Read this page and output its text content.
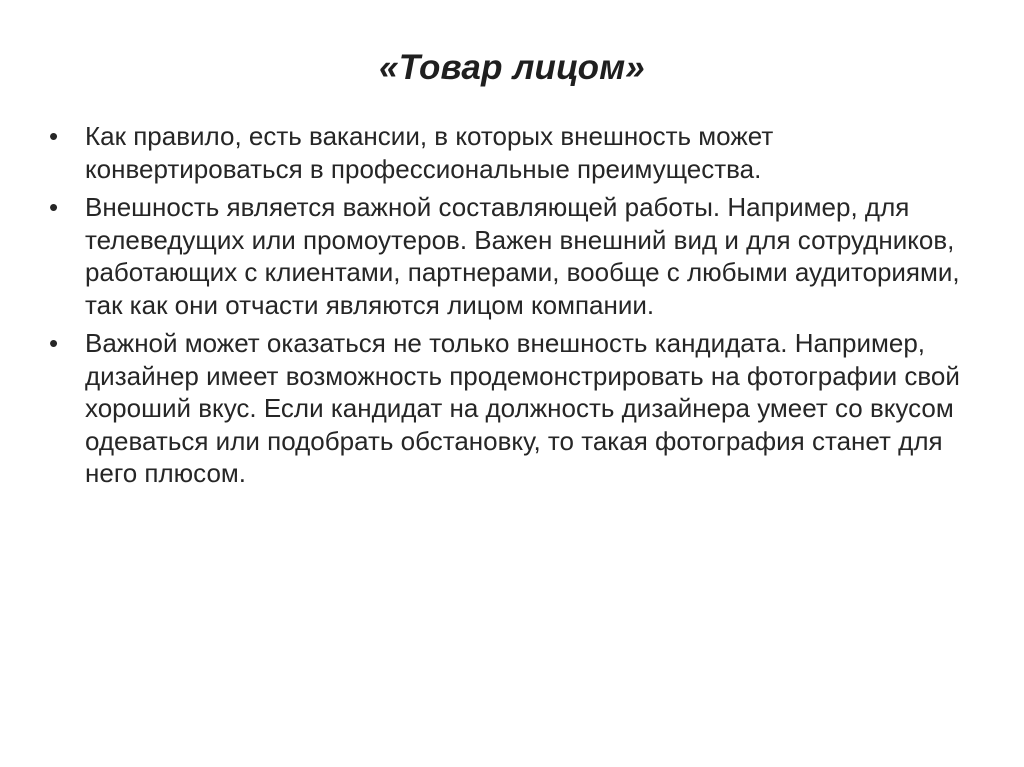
«Товар лицом»
•	Как правило, есть вакансии, в которых внешность может конвертироваться в профессиональные преимущества.
•	Внешность является важной составляющей работы. Например, для телеведущих или промоутеров. Важен внешний вид и для сотрудников, работающих с клиентами, партнерами, вообще с любыми аудиториями, так как они отчасти являются лицом компании.
•	Важной может оказаться не только внешность кандидата. Например, дизайнер имеет возможность продемонстрировать на фотографии свой хороший вкус. Если кандидат на должность дизайнера умеет со вкусом одеваться или подобрать обстановку, то такая фотография станет для него плюсом.
